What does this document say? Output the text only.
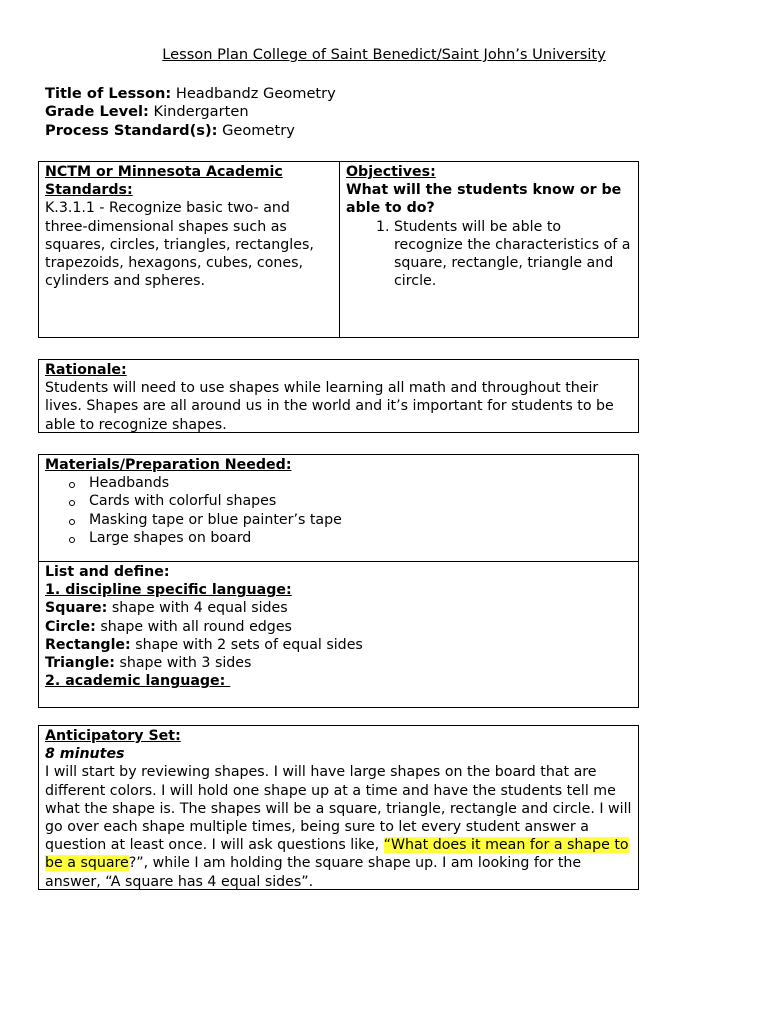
Lesson Plan College of Saint Benedict/Saint John’s University
Title of Lesson: Headbandz Geometry
Grade Level: Kindergarten
Process Standard(s): Geometry
NCTM or Minnesota Academic
Standards:
K.3.1.1 - Recognize basic two- and three-dimensional shapes such as squares, circles, triangles, rectangles, trapezoids, hexagons, cubes, cones, cylinders and spheres.
Objectives:
What will the students know or be able to do?
1. Students will be able to recognize the characteristics of a square, rectangle, triangle and circle.
Rationale:
Students will need to use shapes while learning all math and throughout their lives. Shapes are all around us in the world and it’s important for students to be able to recognize shapes.
Materials/Preparation Needed:
Headbands
Cards with colorful shapes
Masking tape or blue painter’s tape
Large shapes on board
List and define:
1. discipline specific language:
Square: shape with 4 equal sides
Circle: shape with all round edges
Rectangle: shape with 2 sets of equal sides
Triangle: shape with 3 sides
2. academic language:
Anticipatory Set:
8 minutes
I will start by reviewing shapes. I will have large shapes on the board that are different colors. I will hold one shape up at a time and have the students tell me what the shape is. The shapes will be a square, triangle, rectangle and circle. I will go over each shape multiple times, being sure to let every student answer a question at least once. I will ask questions like, “What does it mean for a shape to be a square?”, while I am holding the square shape up. I am looking for the answer, “A square has 4 equal sides”.
